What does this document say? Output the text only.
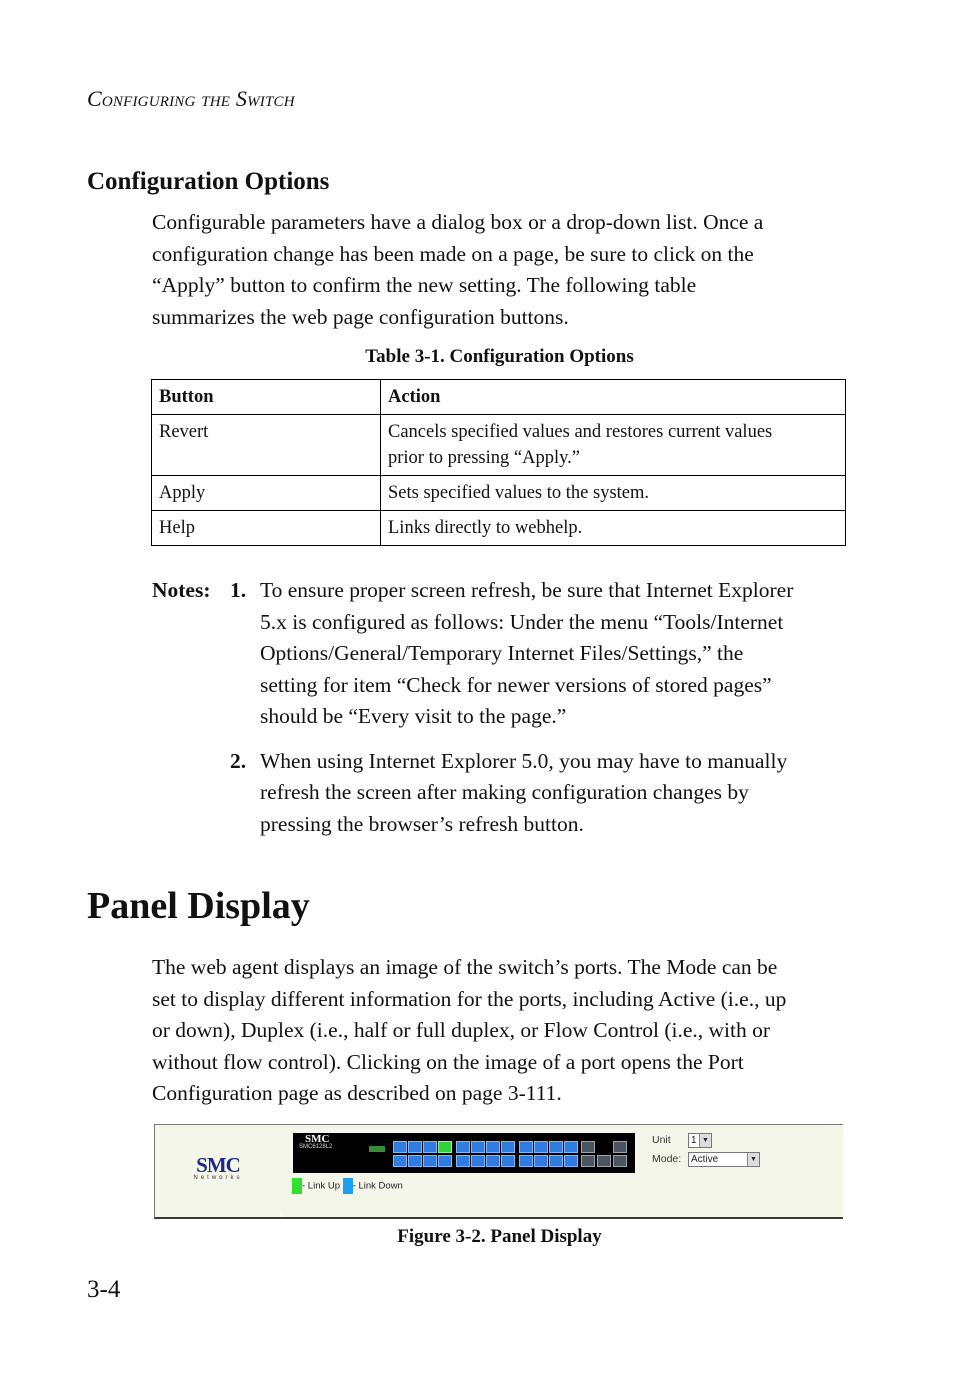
Configuring the Switch
Configuration Options

Configurable parameters have a dialog box or a drop-down list. Once a

configuration change has been made on a page, be sure to click on the

“Apply” button to confirm the new setting. The following table

summarizes the web page configuration buttons.

Table 3-1. Configuration Options
Button	Action
Revert	Cancels specified values and restores current values
prior to pressing “Apply.”

Apply	Sets specified values to the system.

Help	Links directly to webhelp.
Notes: 1. To ensure proper screen refresh, be sure that Internet Explorer
5.x is configured as follows: Under the menu “Tools/Internet
Options/General/Temporary Internet Files/Settings,” the
setting for item “Check for newer versions of stored pages”
should be “Every visit to the page.”
2. When using Internet Explorer 5.0, you may have to manually
refresh the screen after making configuration changes by
pressing the browser’s refresh button.
Panel Display

The web agent displays an image of the switch’s ports. The Mode can be

set to display different information for the ports, including Active (i.e., up

or down), Duplex (i.e., half or full duplex, or Flow Control (i.e., with or

without flow control). Clicking on the image of a port opens the Port

Configuration page as described on page 3-111.

SMC
Networks
SMC
SMC6128L2
- Link Up - Link Down
Unit	1 ▼
Mode: Active	▼
Figure 3-2. Panel Display
3-4
